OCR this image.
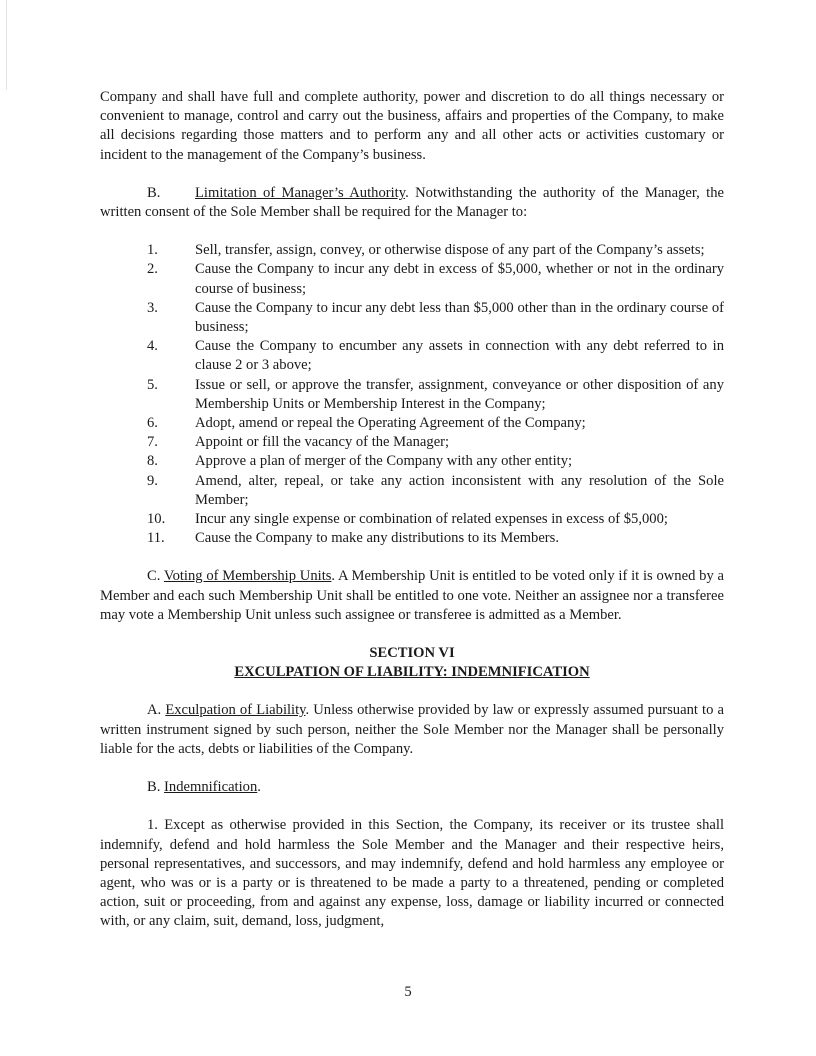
Company and shall have full and complete authority, power and discretion to do all things necessary or convenient to manage, control and carry out the business, affairs and properties of the Company, to make all decisions regarding those matters and to perform any and all other acts or activities customary or incident to the management of the Company’s business.

B. Limitation of Manager’s Authority. Notwithstanding the authority of the Manager, the written consent of the Sole Member shall be required for the Manager to:

1.	Sell, transfer, assign, convey, or otherwise dispose of any part of the Company’s assets;
2.	Cause the Company to incur any debt in excess of $5,000, whether or not in the ordinary course of business;
3.	Cause the Company to incur any debt less than $5,000 other than in the ordinary course of business;
4.	Cause the Company to encumber any assets in connection with any debt referred to in clause 2 or 3 above;
5.	Issue or sell, or approve the transfer, assignment, conveyance or other disposition of any Membership Units or Membership Interest in the Company;
6.	Adopt, amend or repeal the Operating Agreement of the Company;
7.	Appoint or fill the vacancy of the Manager;
8.	Approve a plan of merger of the Company with any other entity;
9.	Amend, alter, repeal, or take any action inconsistent with any resolution of the Sole Member;
10.	Incur any single expense or combination of related expenses in excess of $5,000;
11.	Cause the Company to make any distributions to its Members.

C. Voting of Membership Units. A Membership Unit is entitled to be voted only if it is owned by a Member and each such Membership Unit shall be entitled to one vote. Neither an assignee nor a transferee may vote a Membership Unit unless such assignee or transferee is admitted as a Member.

SECTION VI

EXCULPATION OF LIABILITY: INDEMNIFICATION

A. Exculpation of Liability. Unless otherwise provided by law or expressly assumed pursuant to a written instrument signed by such person, neither the Sole Member nor the Manager shall be personally liable for the acts, debts or liabilities of the Company.

B. Indemnification.

1. Except as otherwise provided in this Section, the Company, its receiver or its trustee shall indemnify, defend and hold harmless the Sole Member and the Manager and their respective heirs, personal representatives, and successors, and may indemnify, defend and hold harmless any employee or agent, who was or is a party or is threatened to be made a party to a threatened, pending or completed action, suit or proceeding, from and against any expense, loss, damage or liability incurred or connected with, or any claim, suit, demand, loss, judgment,

5
